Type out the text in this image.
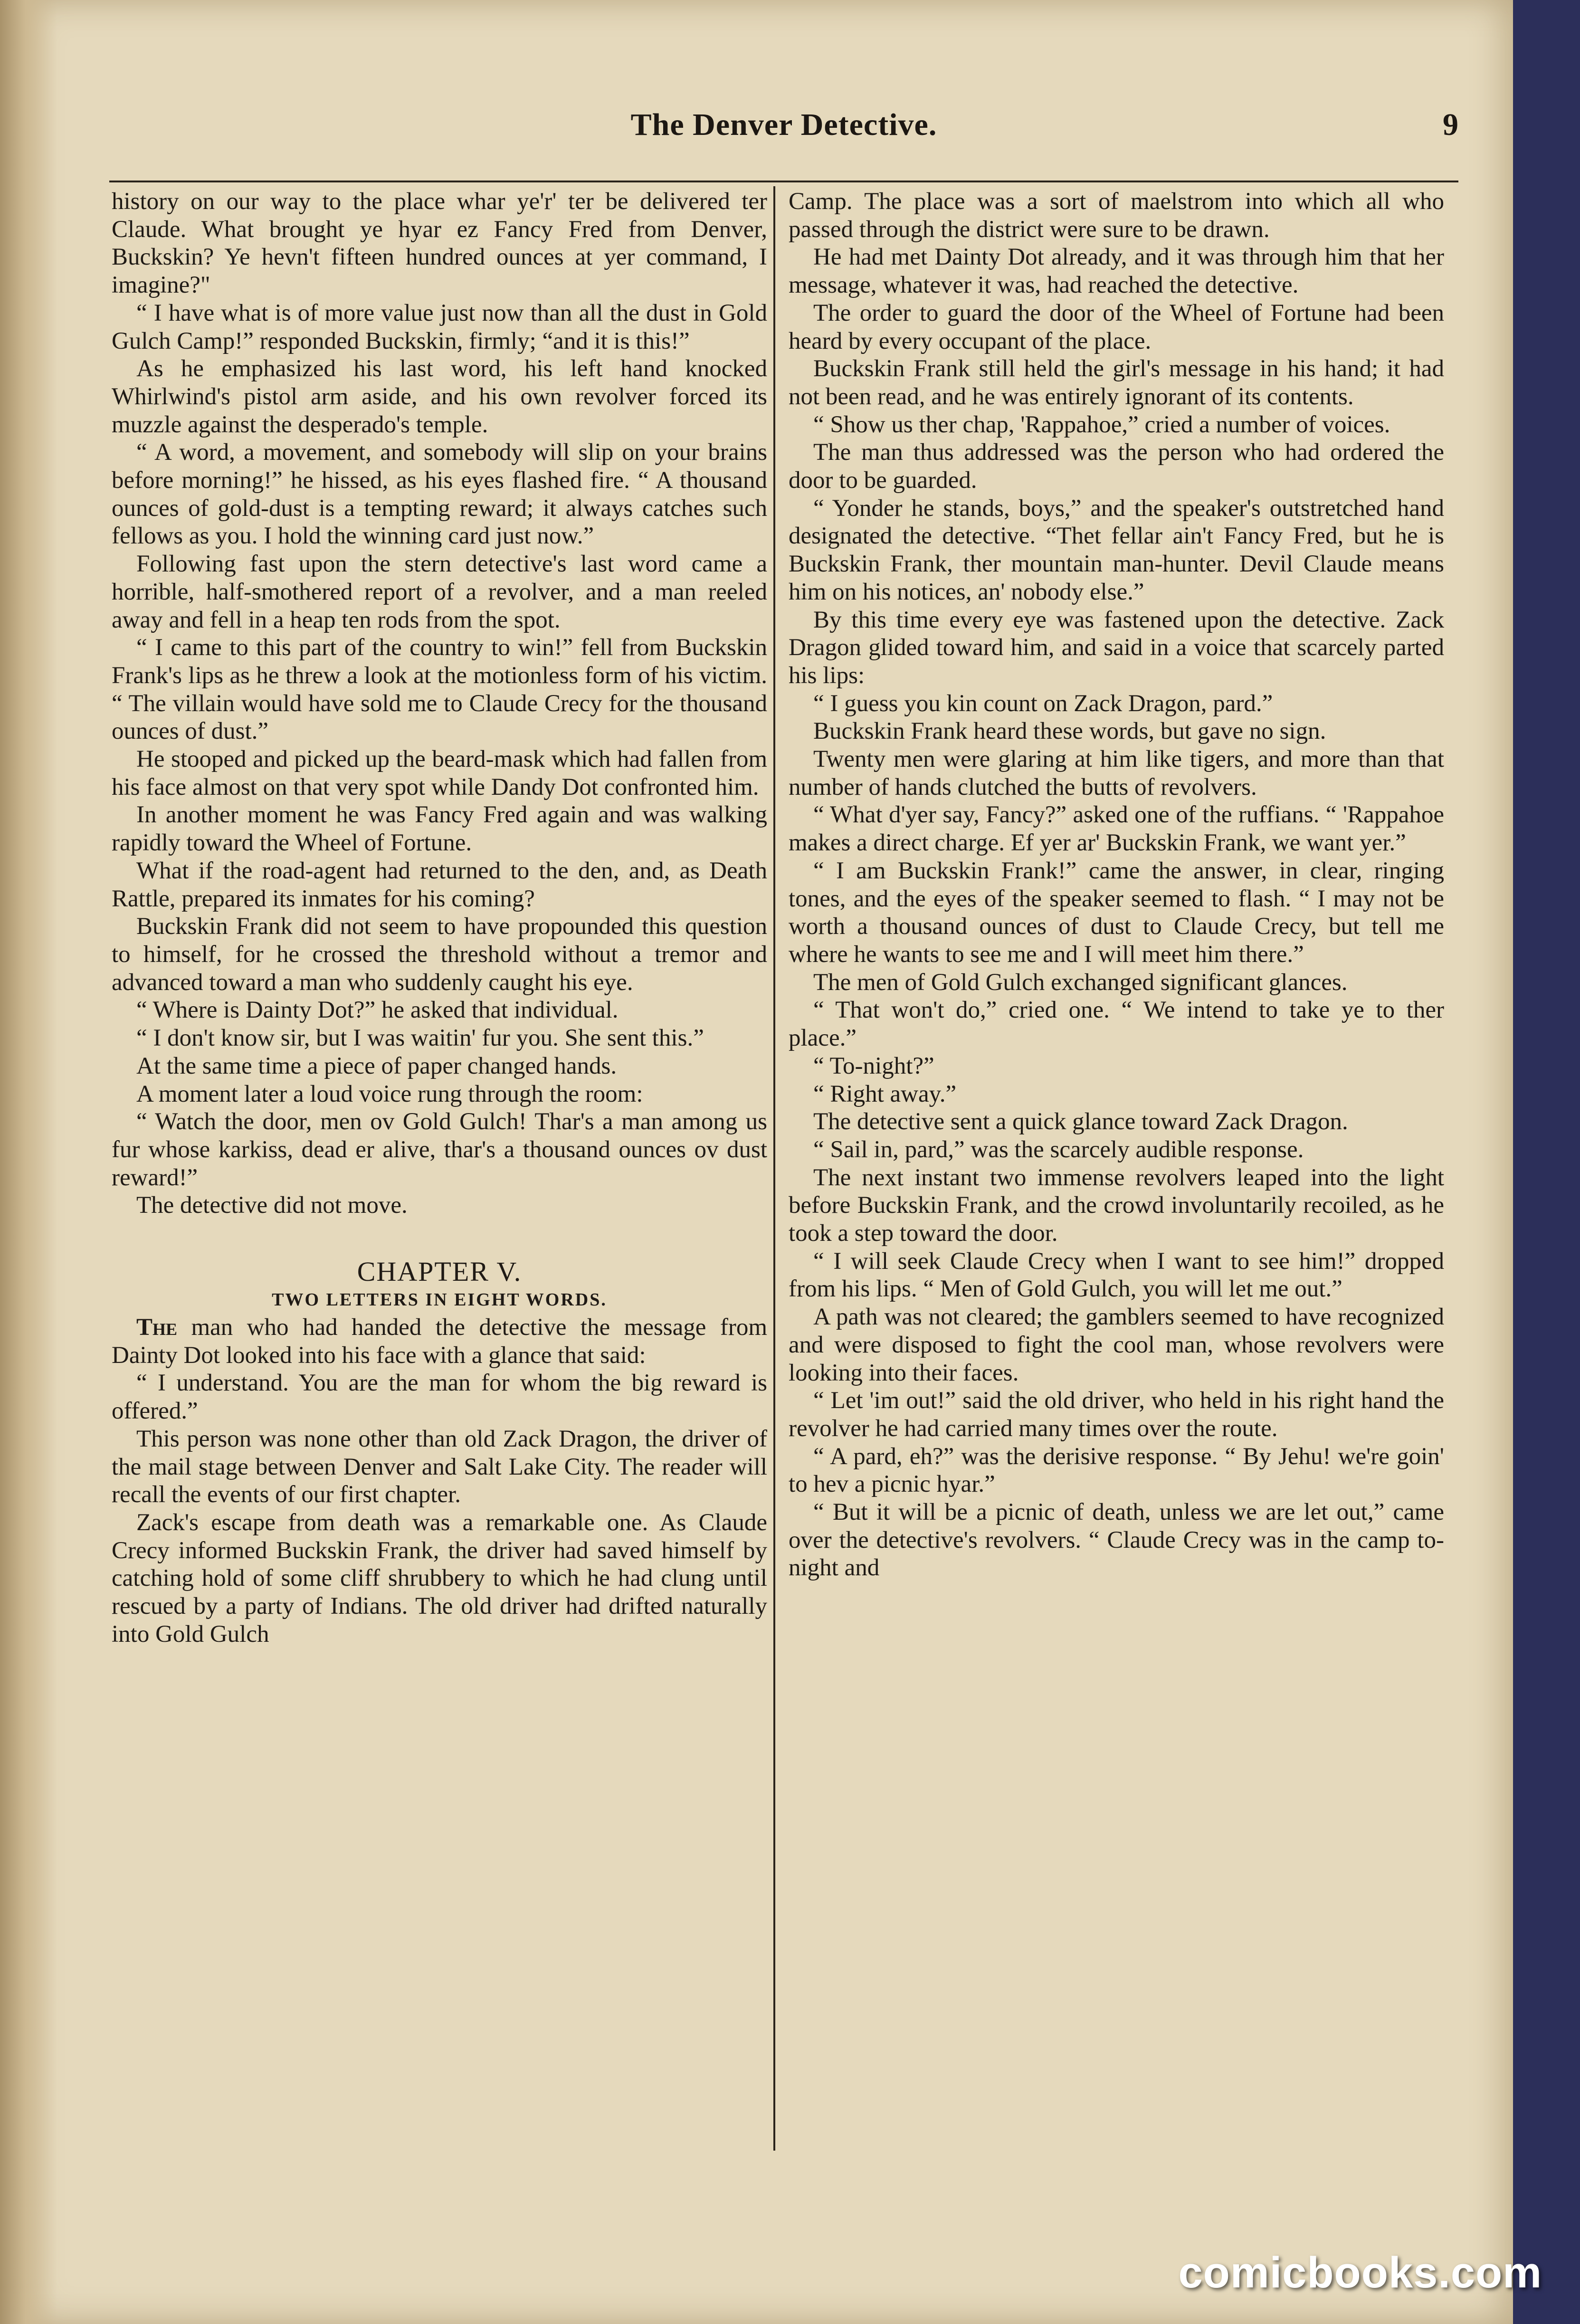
The Denver Detective.	9

history on our way to the place whar ye'r' ter be delivered ter Claude. What brought ye hyar ez Fancy Fred from Denver, Buckskin? Ye hevn't fifteen hundred ounces at yer command, I imagine?"

“ I have what is of more value just now than all the dust in Gold Gulch Camp!” responded Buckskin, firmly; “and it is this!”

As he emphasized his last word, his left hand knocked Whirlwind's pistol arm aside, and his own revolver forced its muzzle against the desperado's temple.

“ A word, a movement, and somebody will slip on your brains before morning!” he hissed, as his eyes flashed fire. “ A thousand ounces of gold-dust is a tempting reward; it always catches such fellows as you. I hold the winning card just now.”

Following fast upon the stern detective's last word came a horrible, half-smothered report of a revolver, and a man reeled away and fell in a heap ten rods from the spot.

“ I came to this part of the country to win!” fell from Buckskin Frank's lips as he threw a look at the motionless form of his victim. “ The villain would have sold me to Claude Crecy for the thousand ounces of dust.”

He stooped and picked up the beard-mask which had fallen from his face almost on that very spot while Dandy Dot confronted him.

In another moment he was Fancy Fred again and was walking rapidly toward the Wheel of Fortune.

What if the road-agent had returned to the den, and, as Death Rattle, prepared its inmates for his coming?

Buckskin Frank did not seem to have propounded this question to himself, for he crossed the threshold without a tremor and advanced toward a man who suddenly caught his eye.

“ Where is Dainty Dot?” he asked that individual.

“ I don't know sir, but I was waitin' fur you. She sent this.”

At the same time a piece of paper changed hands.

A moment later a loud voice rung through the room:

“ Watch the door, men ov Gold Gulch! Thar's a man among us fur whose karkiss, dead er alive, thar's a thousand ounces ov dust reward!”

The detective did not move.

CHAPTER V.
TWO LETTERS IN EIGHT WORDS.

The man who had handed the detective the message from Dainty Dot looked into his face with a glance that said:

“ I understand. You are the man for whom the big reward is offered.”

This person was none other than old Zack Dragon, the driver of the mail stage between Denver and Salt Lake City. The reader will recall the events of our first chapter.

Zack's escape from death was a remarkable one. As Claude Crecy informed Buckskin Frank, the driver had saved himself by catching hold of some cliff shrubbery to which he had clung until rescued by a party of Indians. The old driver had drifted naturally into Gold Gulch

Camp. The place was a sort of maelstrom into which all who passed through the district were sure to be drawn.

He had met Dainty Dot already, and it was through him that her message, whatever it was, had reached the detective.

The order to guard the door of the Wheel of Fortune had been heard by every occupant of the place.

Buckskin Frank still held the girl's message in his hand; it had not been read, and he was entirely ignorant of its contents.

“ Show us ther chap, 'Rappahoe,” cried a number of voices.

The man thus addressed was the person who had ordered the door to be guarded.

“ Yonder he stands, boys,” and the speaker's outstretched hand designated the detective. “Thet fellar ain't Fancy Fred, but he is Buckskin Frank, ther mountain man-hunter. Devil Claude means him on his notices, an' nobody else.”

By this time every eye was fastened upon the detective. Zack Dragon glided toward him, and said in a voice that scarcely parted his lips:

“ I guess you kin count on Zack Dragon, pard.”

Buckskin Frank heard these words, but gave no sign.

Twenty men were glaring at him like tigers, and more than that number of hands clutched the butts of revolvers.

“ What d'yer say, Fancy?” asked one of the ruffians. “ 'Rappahoe makes a direct charge. Ef yer ar' Buckskin Frank, we want yer.”

“ I am Buckskin Frank!” came the answer, in clear, ringing tones, and the eyes of the speaker seemed to flash. “ I may not be worth a thousand ounces of dust to Claude Crecy, but tell me where he wants to see me and I will meet him there.”

The men of Gold Gulch exchanged significant glances.

“ That won't do,” cried one. “ We intend to take ye to ther place.”

“ To-night?”

“ Right away.”

The detective sent a quick glance toward Zack Dragon.

“ Sail in, pard,” was the scarcely audible response.

The next instant two immense revolvers leaped into the light before Buckskin Frank, and the crowd involuntarily recoiled, as he took a step toward the door.

“ I will seek Claude Crecy when I want to see him!” dropped from his lips. “ Men of Gold Gulch, you will let me out.”

A path was not cleared; the gamblers seemed to have recognized and were disposed to fight the cool man, whose revolvers were looking into their faces.

“ Let 'im out!” said the old driver, who held in his right hand the revolver he had carried many times over the route.

“ A pard, eh?” was the derisive response. “ By Jehu! we're goin' to hev a picnic hyar.”

“ But it will be a picnic of death, unless we are let out,” came over the detective's revolvers. “ Claude Crecy was in the camp to-night and

comicbooks.com
